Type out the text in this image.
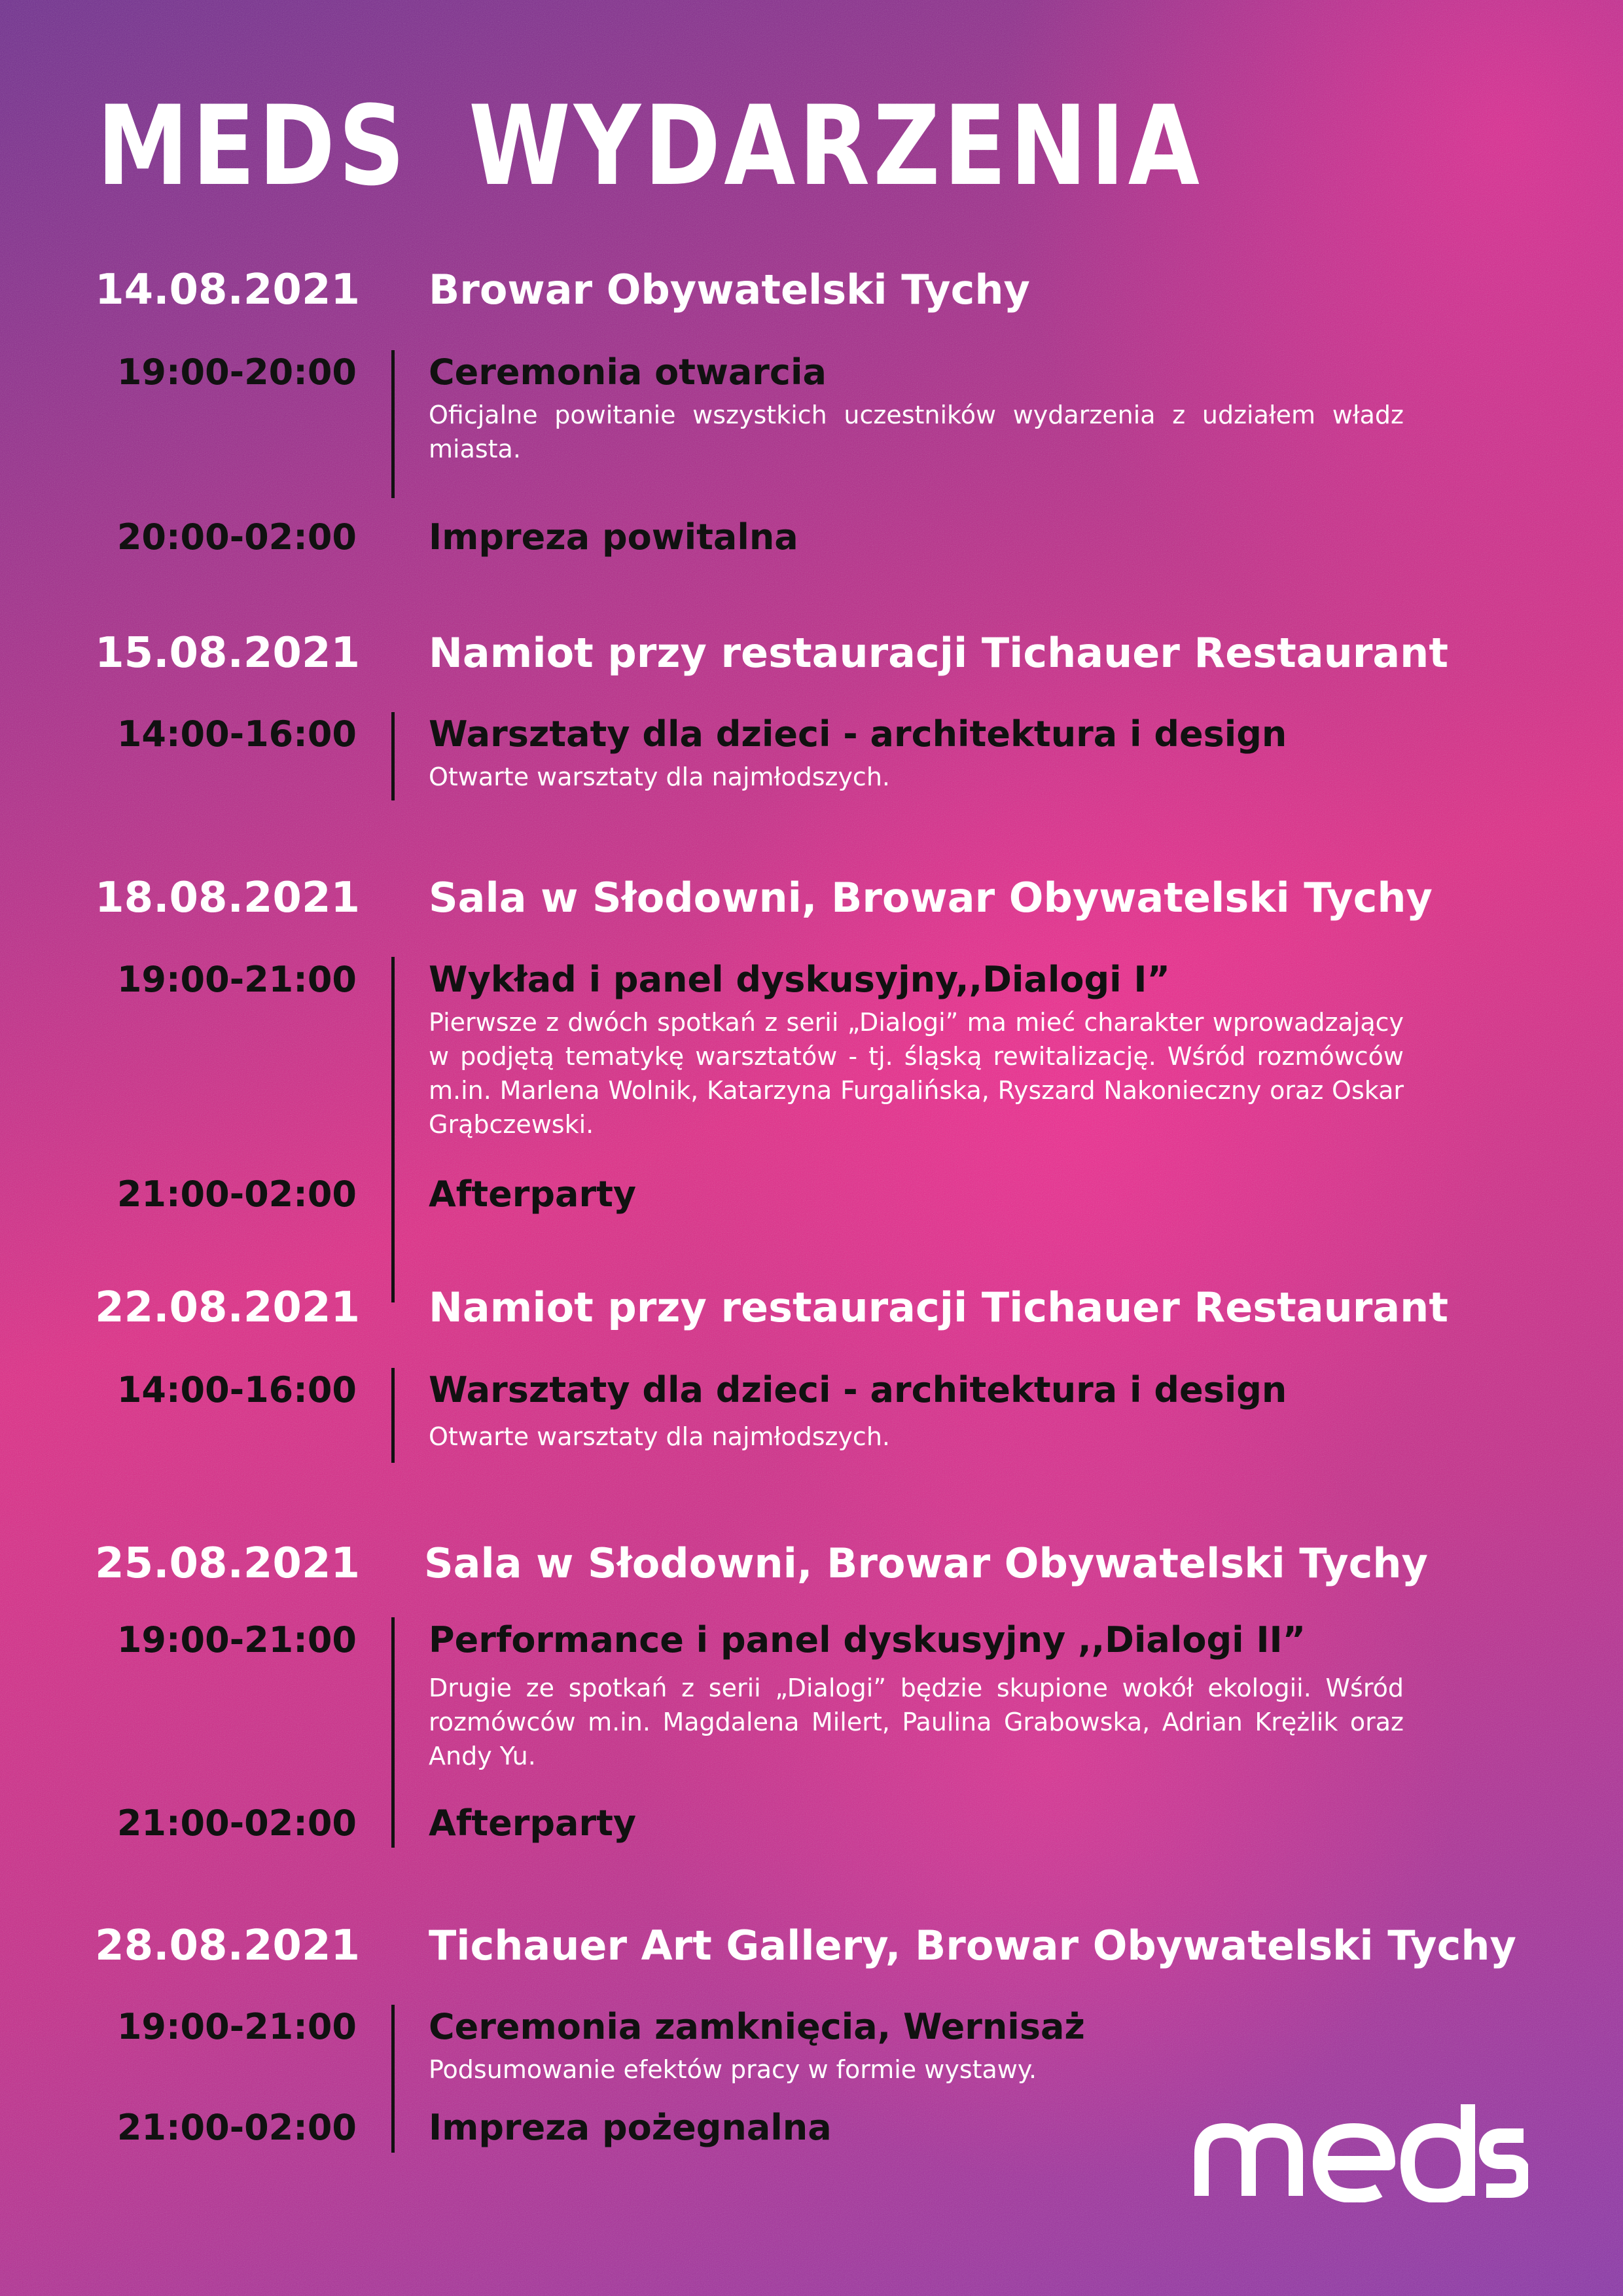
MEDS WYDARZENIA
14.08.2021 Browar Obywatelski Tychy
19:00-20:00 Ceremonia otwarcia
Oficjalne powitanie wszystkich uczestników wydarzenia z udziałem władz miasta.
20:00-02:00 Impreza powitalna
15.08.2021 Namiot przy restauracji Tichauer Restaurant
14:00-16:00 Warsztaty dla dzieci - architektura i design
Otwarte warsztaty dla najmłodszych.
18.08.2021 Sala w Słodowni, Browar Obywatelski Tychy
19:00-21:00 Wykład i panel dyskusyjny,,Dialogi I”
Pierwsze z dwóch spotkań z serii „Dialogi” ma mieć charakter wprowadzający w podjętą tematykę warsztatów - tj. śląską rewitalizację. Wśród rozmówców m.in. Marlena Wolnik, Katarzyna Furgalińska, Ryszard Nakonieczny oraz Oskar Grąbczewski.
21:00-02:00 Afterparty
22.08.2021 Namiot przy restauracji Tichauer Restaurant
14:00-16:00 Warsztaty dla dzieci - architektura i design
Otwarte warsztaty dla najmłodszych.
25.08.2021 Sala w Słodowni, Browar Obywatelski Tychy
19:00-21:00 Performance i panel dyskusyjny ,,Dialogi II”
Drugie ze spotkań z serii „Dialogi” będzie skupione wokół ekologii. Wśród rozmówców m.in. Magdalena Milert, Paulina Grabowska, Adrian Krężlik oraz Andy Yu.
21:00-02:00 Afterparty
28.08.2021 Tichauer Art Gallery, Browar Obywatelski Tychy
19:00-21:00 Ceremonia zamknięcia, Wernisaż
Podsumowanie efektów pracy w formie wystawy.
21:00-02:00 Impreza pożegnalna
meds
